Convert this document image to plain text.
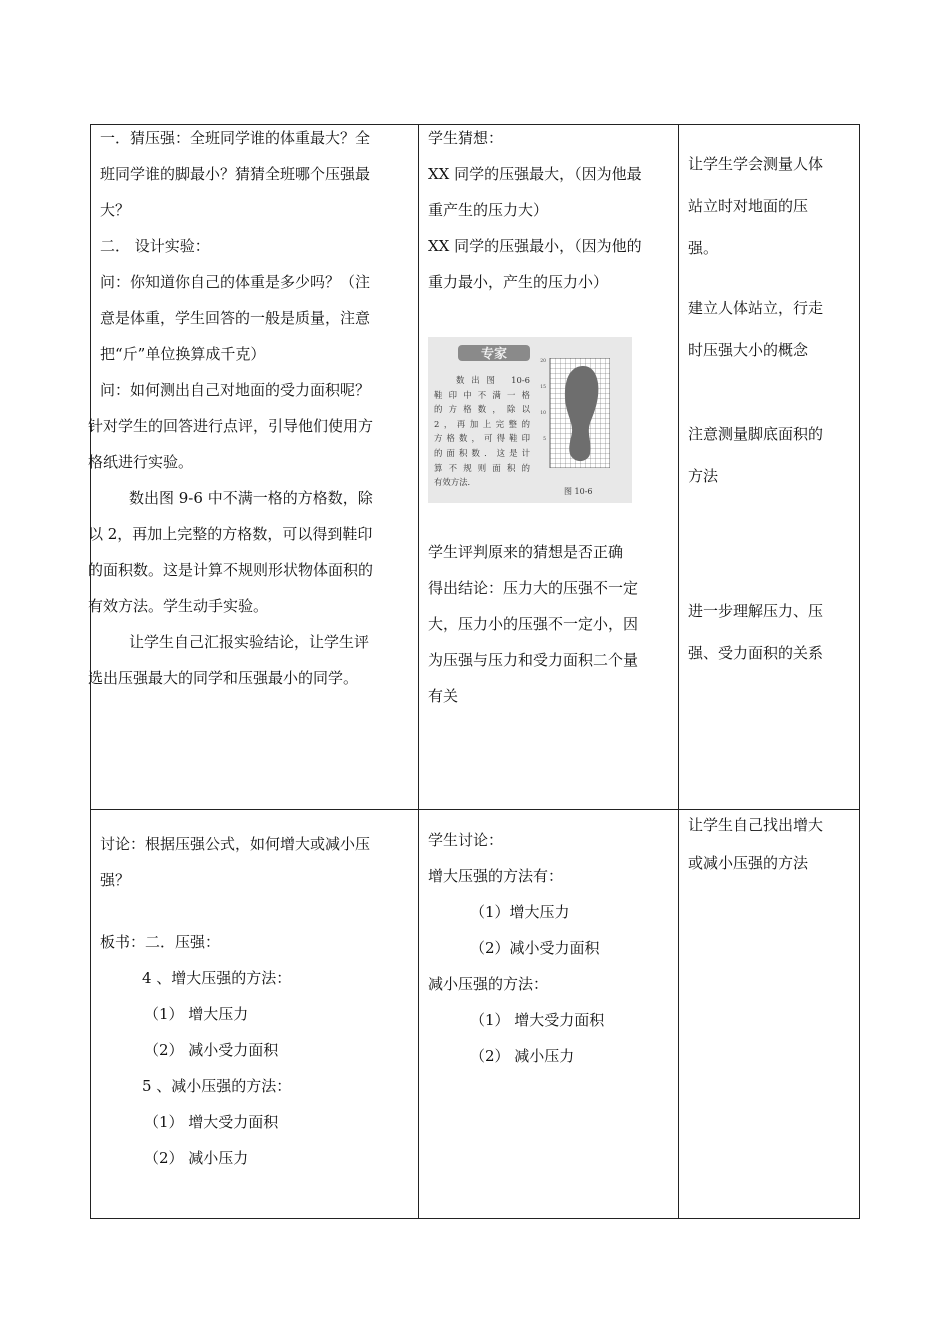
一．猜压强：全班同学谁的体重最大？全

班同学谁的脚最小？猜猜全班哪个压强最

大？

二． 设计实验：

问：你知道你自己的体重是多少吗？（注

意是体重，学生回答的一般是质量，注意

把“斤”单位换算成千克）

问：如何测出自己对地面的受力面积呢？

针对学生的回答进行点评，引导他们使用方

格纸进行实验。

数出图 9-6 中不满一格的方格数，除

以 2，再加上完整的方格数，可以得到鞋印

的面积数。这是计算不规则形状物体面积的

有效方法。学生动手实验。

让学生自己汇报实验结论，让学生评

选出压强最大的同学和压强最小的同学。

学生猜想：

XX 同学的压强最大，（因为他最

重产生的压力大）

XX 同学的压强最小，（因为他的

重力最小，产生的压力小）

专家
数出图 10-6
鞋印中不满一格
的方格数，除以
2，再加上完整的
方格数，可得鞋印
的面积数．这是计
算不规则面积的
有效方法．
20
15
10
5
图 10-6

学生评判原来的猜想是否正确

得出结论：压力大的压强不一定

大，压力小的压强不一定小，因

为压强与压力和受力面积二个量

有关

让学生学会测量人体

站立时对地面的压

强。

建立人体站立，行走

时压强大小的概念

注意测量脚底面积的

方法

进一步理解压力、压

强、受力面积的关系

讨论：根据压强公式，如何增大或减小压

强？

板书：二．压强：

4 、增大压强的方法：

（1） 增大压力

（2） 减小受力面积

5 、减小压强的方法：

（1） 增大受力面积

（2） 减小压力

学生讨论：

增大压强的方法有：

（1）增大压力

（2）减小受力面积

减小压强的方法：

（1） 增大受力面积

（2） 减小压力

让学生自己找出增大

或减小压强的方法
